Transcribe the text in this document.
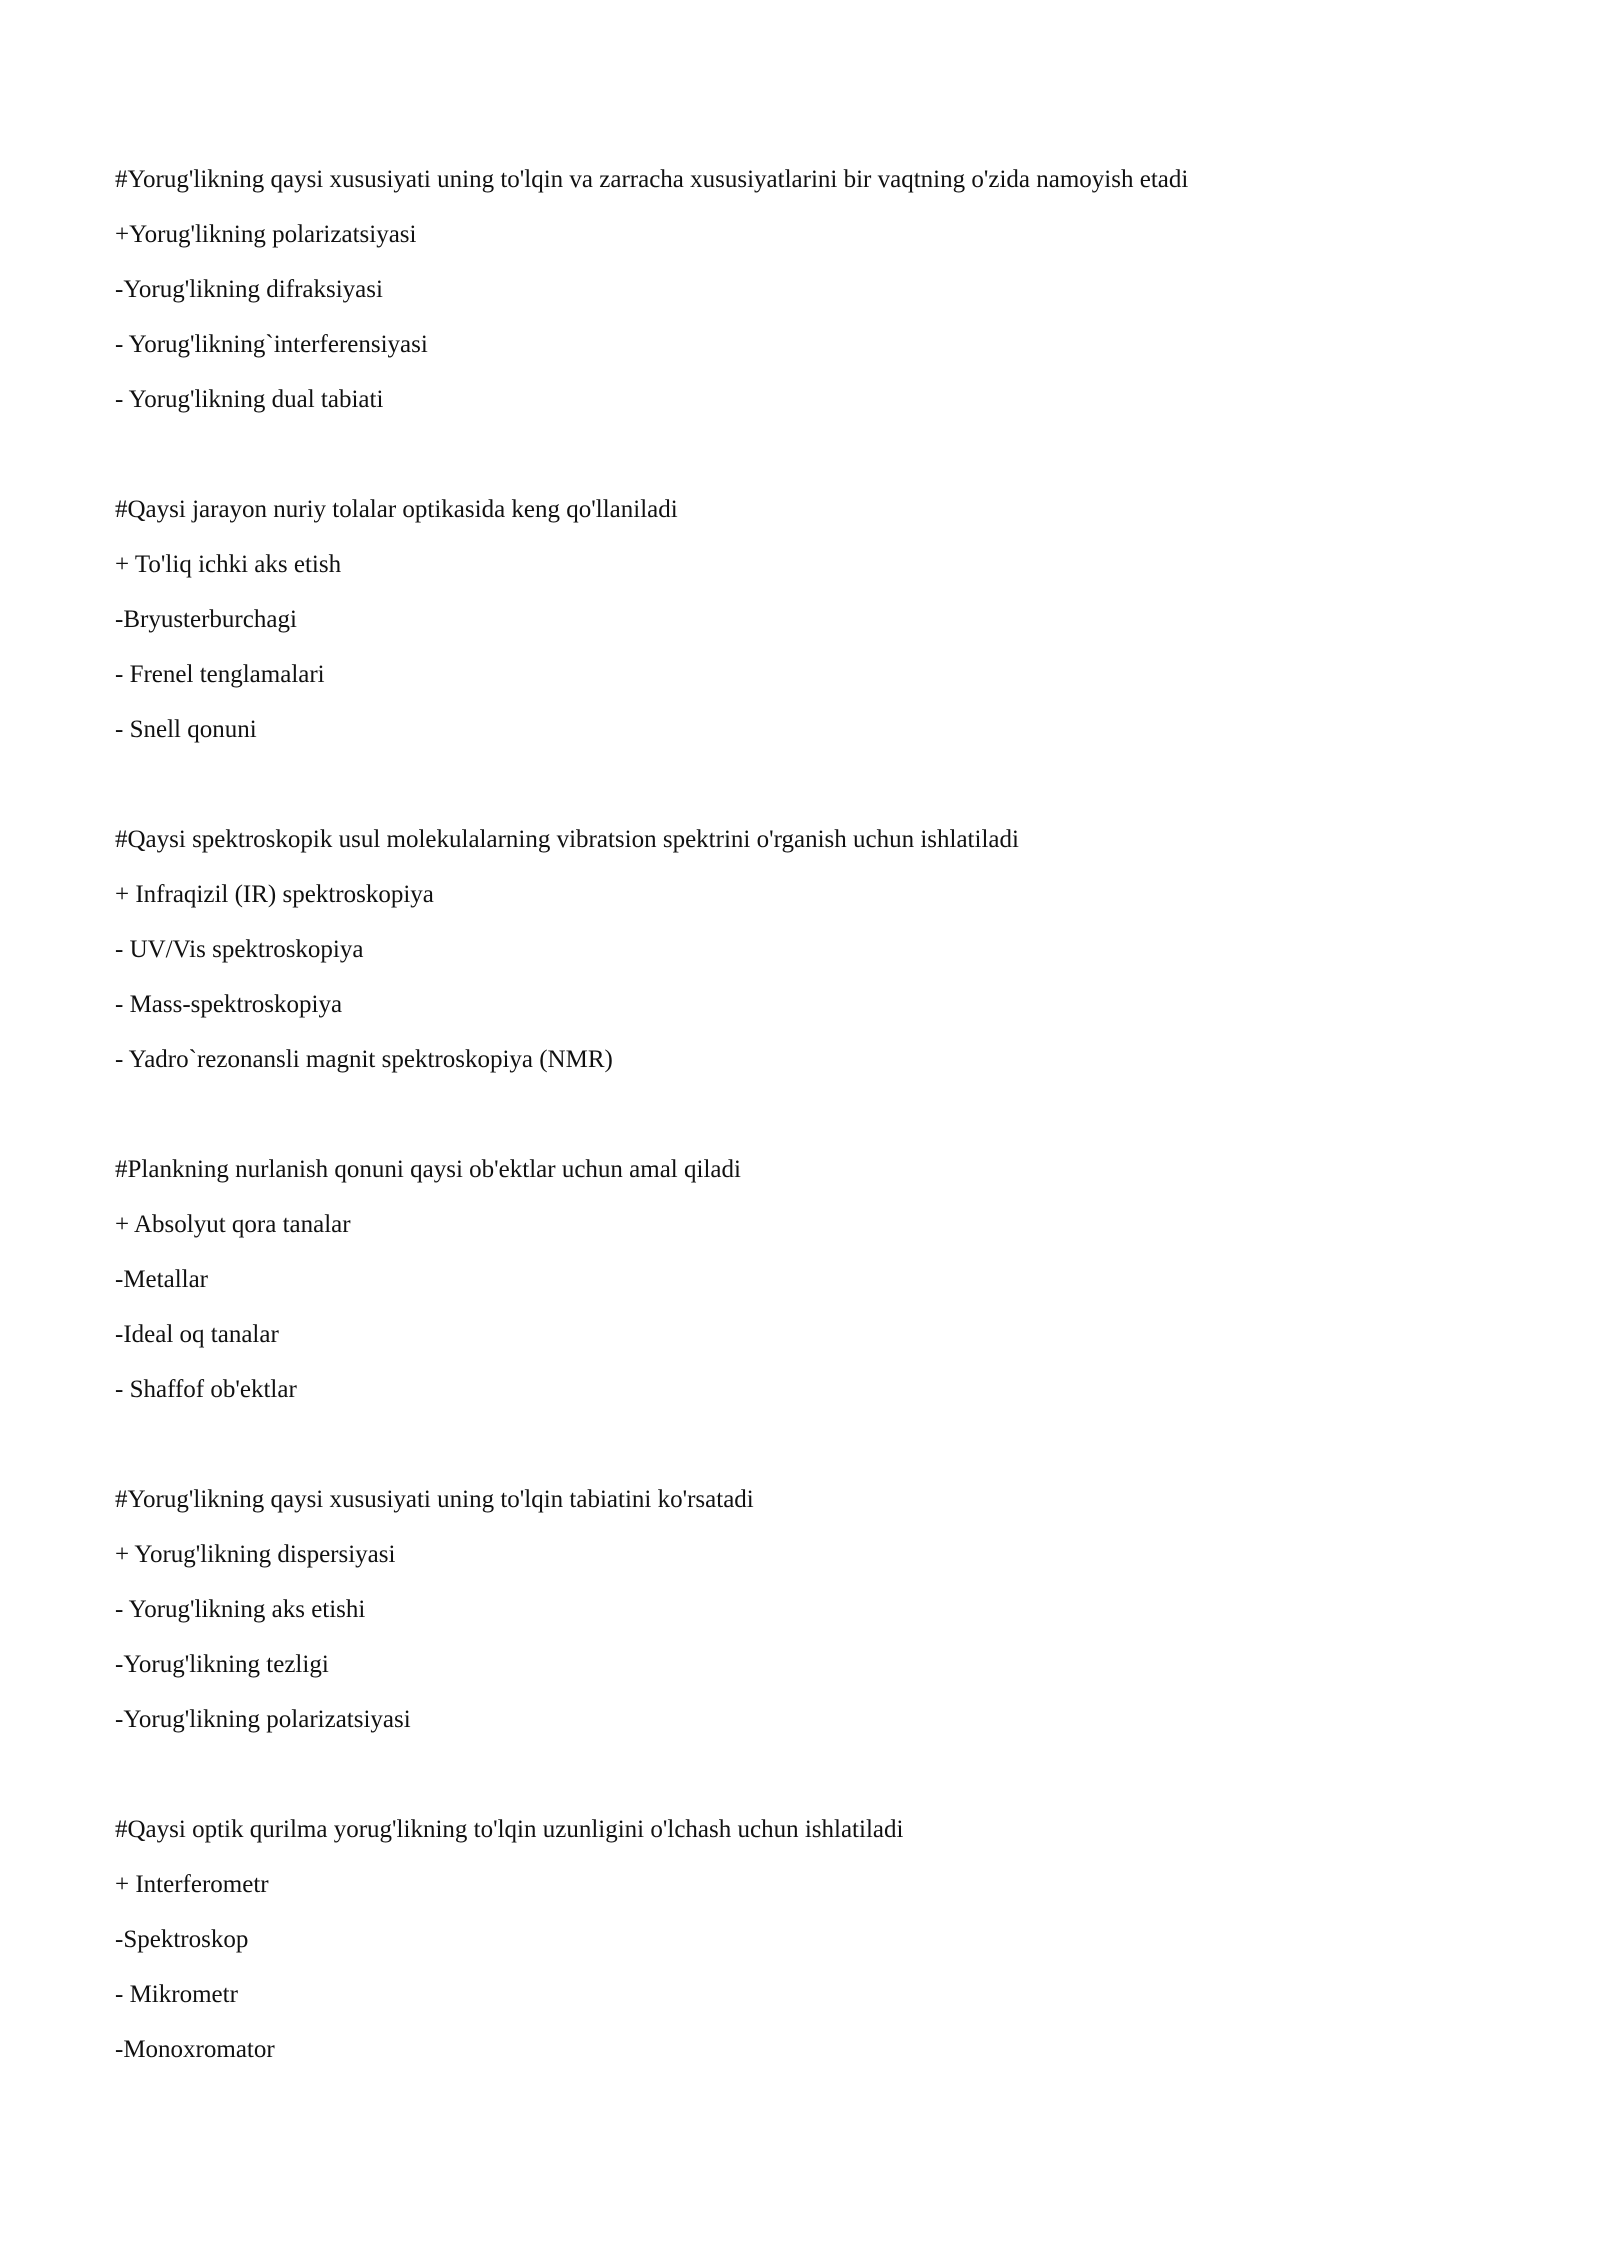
#Yorug'likning qaysi xususiyati uning to'lqin va zarracha xususiyatlarini bir vaqtning o'zida namoyish etadi
+Yorug'likning polarizatsiyasi
-Yorug'likning difraksiyasi
- Yorug'likning`interferensiyasi
- Yorug'likning dual tabiati
#Qaysi jarayon nuriy tolalar optikasida keng qo'llaniladi
+ To'liq ichki aks etish
-Bryusterburchagi
- Frenel tenglamalari
- Snell qonuni
#Qaysi spektroskopik usul molekulalarning vibratsion spektrini o'rganish uchun ishlatiladi
+ Infraqizil (IR) spektroskopiya
- UV/Vis spektroskopiya
- Mass-spektroskopiya
- Yadro`rezonansli magnit spektroskopiya (NMR)
#Plankning nurlanish qonuni qaysi ob'ektlar uchun amal qiladi
+ Absolyut qora tanalar
-Metallar
-Ideal oq tanalar
- Shaffof ob'ektlar
#Yorug'likning qaysi xususiyati uning to'lqin tabiatini ko'rsatadi
+ Yorug'likning dispersiyasi
- Yorug'likning aks etishi
-Yorug'likning tezligi
-Yorug'likning polarizatsiyasi
#Qaysi optik qurilma yorug'likning to'lqin uzunligini o'lchash uchun ishlatiladi
+ Interferometr
-Spektroskop
- Mikrometr
-Monoxromator
